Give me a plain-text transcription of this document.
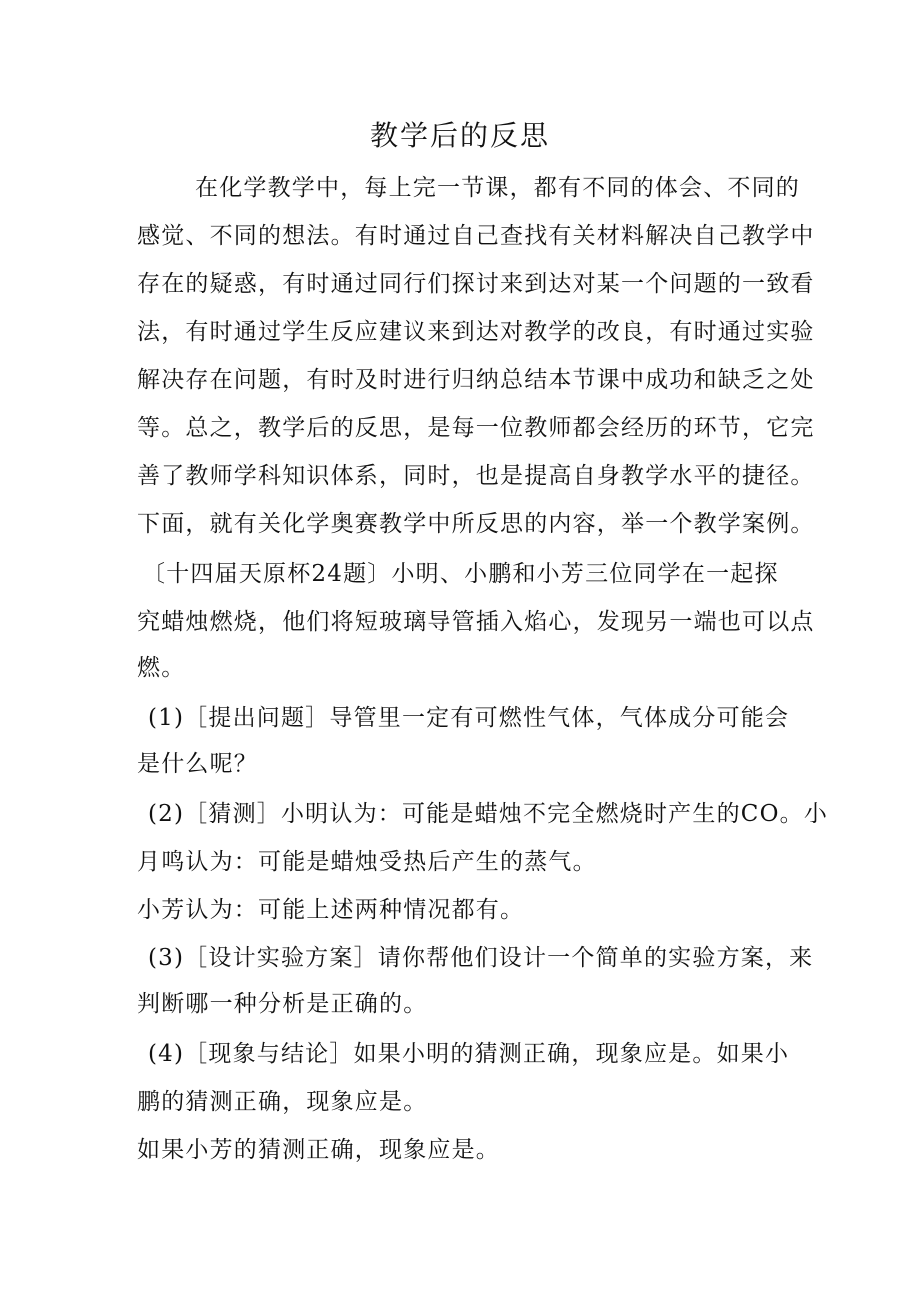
教学后的反思

在化学教学中，每上完一节课，都有不同的体会、不同的

感觉、不同的想法。有时通过自己查找有关材料解决自己教学中

存在的疑惑，有时通过同行们探讨来到达对某一个问题的一致看

法，有时通过学生反应建议来到达对教学的改良，有时通过实验

解决存在问题，有时及时进行归纳总结本节课中成功和缺乏之处

等。总之，教学后的反思，是每一位教师都会经历的环节，它完

善了教师学科知识体系，同时，也是提高自身教学水平的捷径。

下面，就有关化学奥赛教学中所反思的内容，举一个教学案例。

〔十四届天原杯24题〕小明、小鹏和小芳三位同学在一起探

究蜡烛燃烧，他们将短玻璃导管插入焰心，发现另一端也可以点

燃。

(1)［提出问题］导管里一定有可燃性气体，气体成分可能会

是什么呢？

(2)［猜测］小明认为：可能是蜡烛不完全燃烧时产生的CO。小

月鸣认为：可能是蜡烛受热后产生的蒸气。

小芳认为：可能上述两种情况都有。

(3)［设计实验方案］请你帮他们设计一个简单的实验方案，来

判断哪一种分析是正确的。

(4)［现象与结论］如果小明的猜测正确，现象应是。如果小

鹏的猜测正确，现象应是。

如果小芳的猜测正确，现象应是。
